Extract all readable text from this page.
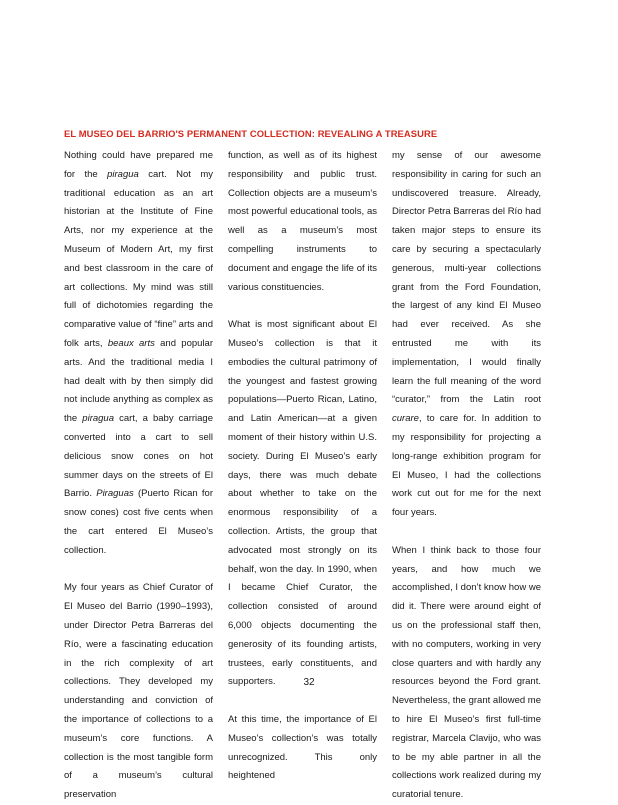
EL MUSEO DEL BARRIO'S PERMANENT COLLECTION: REVEALING A TREASURE

Nothing could have prepared me for the piragua cart. Not my traditional education as an art historian at the Institute of Fine Arts, nor my experience at the Museum of Modern Art, my first and best classroom in the care of art collections. My mind was still full of dichotomies regarding the comparative value of “fine” arts and folk arts, beaux arts and popular arts. And the traditional media I had dealt with by then simply did not include anything as complex as the piragua cart, a baby carriage converted into a cart to sell delicious snow cones on hot summer days on the streets of El Barrio. Piraguas (Puerto Rican for snow cones) cost five cents when the cart entered El Museo’s collection.

My four years as Chief Curator of El Museo del Barrio (1990–1993), under Director Petra Barreras del Río, were a fascinating education in the rich complexity of art collections. They developed my understanding and conviction of the importance of collections to a museum’s core functions. A collection is the most tangible form of a museum’s cultural preservation

function, as well as of its highest responsibility and public trust. Collection objects are a museum’s most powerful educational tools, as well as a museum’s most compelling instruments to document and engage the life of its various constituencies.

What is most significant about El Museo’s collection is that it embodies the cultural patrimony of the youngest and fastest growing populations—Puerto Rican, Latino, and Latin American—at a given moment of their history within U.S. society. During El Museo’s early days, there was much debate about whether to take on the enormous responsibility of a collection. Artists, the group that advocated most strongly on its behalf, won the day. In 1990, when I became Chief Curator, the collection consisted of around 6,000 objects documenting the generosity of its founding artists, trustees, early constituents, and supporters.

At this time, the importance of El Museo’s collection’s was totally unrecognized. This only heightened

my sense of our awesome responsibility in caring for such an undiscovered treasure. Already, Director Petra Barreras del Río had taken major steps to ensure its care by securing a spectacularly generous, multi-year collections grant from the Ford Foundation, the largest of any kind El Museo had ever received. As she entrusted me with its implementation, I would finally learn the full meaning of the word “curator,” from the Latin root curare, to care for. In addition to my responsibility for projecting a long-range exhibition program for El Museo, I had the collections work cut out for me for the next four years.

When I think back to those four years, and how much we accomplished, I don’t know how we did it. There were around eight of us on the professional staff then, with no computers, working in very close quarters and with hardly any resources beyond the Ford grant. Nevertheless, the grant allowed me to hire El Museo’s first full-time registrar, Marcela Clavijo, who was to be my able partner in all the collections work realized during my curatorial tenure.

32
